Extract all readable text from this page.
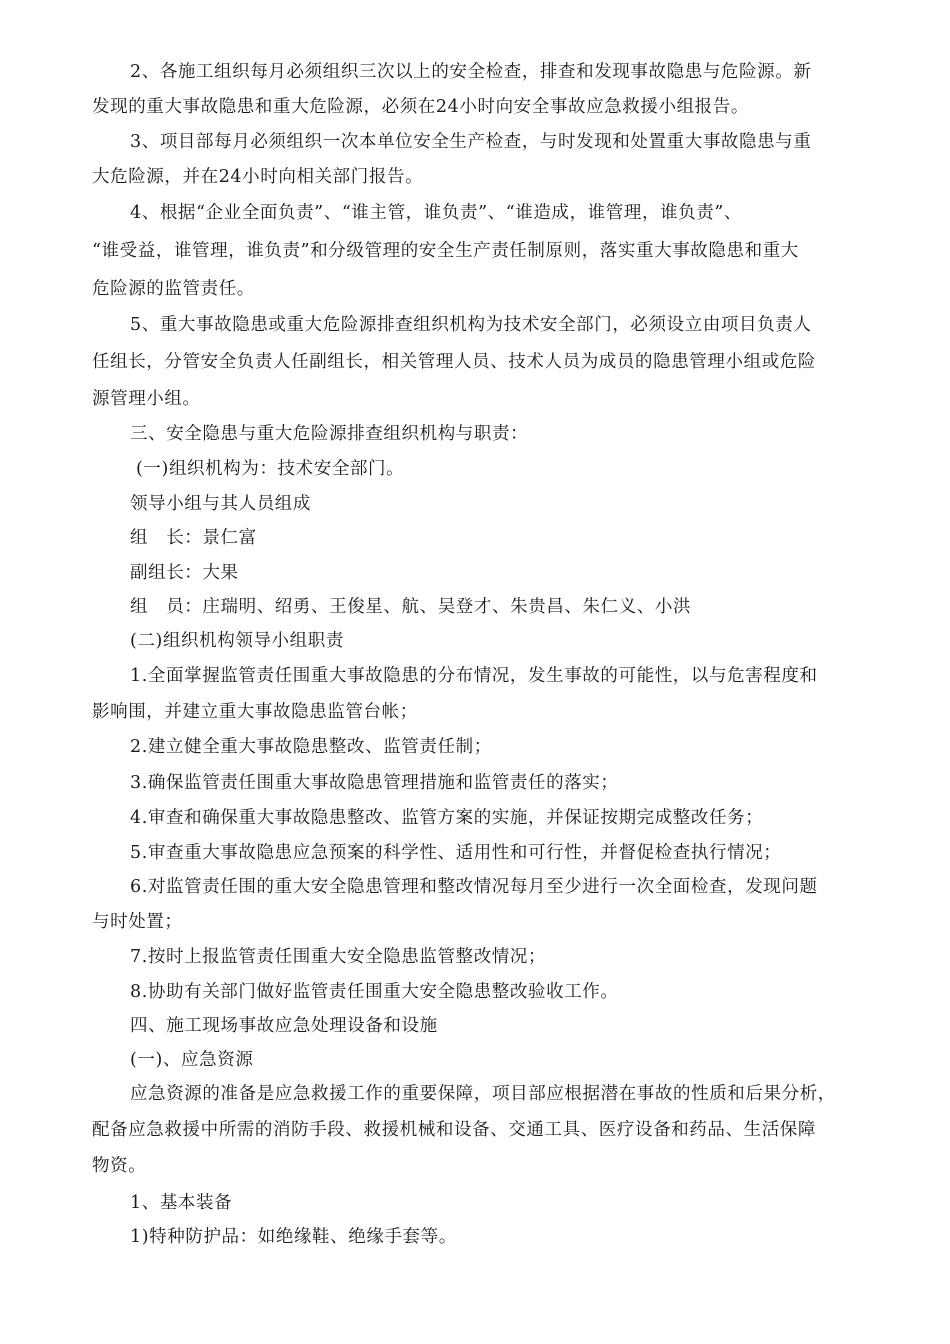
2、各施工组织每月必须组织三次以上的安全检查，排查和发现事故隐患与危险源。新
发现的重大事故隐患和重大危险源，必须在24小时向安全事故应急救援小组报告。
3、项目部每月必须组织一次本单位安全生产检查，与时发现和处置重大事故隐患与重
大危险源，并在24小时向相关部门报告。
4、根据“企业全面负责”、“谁主管，谁负责”、“谁造成，谁管理，谁负责”、
“谁受益，谁管理，谁负责”和分级管理的安全生产责任制原则，落实重大事故隐患和重大
危险源的监管责任。
5、重大事故隐患或重大危险源排查组织机构为技术安全部门，必须设立由项目负责人
任组长，分管安全负责人任副组长，相关管理人员、技术人员为成员的隐患管理小组或危险
源管理小组。
三、安全隐患与重大危险源排查组织机构与职责：
(一)组织机构为：技术安全部门。
领导小组与其人员组成
组　长：景仁富
副组长：大果
组　员：庄瑞明、绍勇、王俊星、航、吴登才、朱贵昌、朱仁义、小洪
(二)组织机构领导小组职责
1.全面掌握监管责任围重大事故隐患的分布情况，发生事故的可能性，以与危害程度和
影响围，并建立重大事故隐患监管台帐；
2.建立健全重大事故隐患整改、监管责任制；
3.确保监管责任围重大事故隐患管理措施和监管责任的落实；
4.审查和确保重大事故隐患整改、监管方案的实施，并保证按期完成整改任务；
5.审查重大事故隐患应急预案的科学性、适用性和可行性，并督促检查执行情况；
6.对监管责任围的重大安全隐患管理和整改情况每月至少进行一次全面检查，发现问题
与时处置；
7.按时上报监管责任围重大安全隐患监管整改情况；
8.协助有关部门做好监管责任围重大安全隐患整改验收工作。
四、施工现场事故应急处理设备和设施
(一)、应急资源
应急资源的准备是应急救援工作的重要保障，项目部应根据潜在事故的性质和后果分析，
配备应急救援中所需的消防手段、救援机械和设备、交通工具、医疗设备和药品、生活保障
物资。
1、基本装备
1)特种防护品：如绝缘鞋、绝缘手套等。
